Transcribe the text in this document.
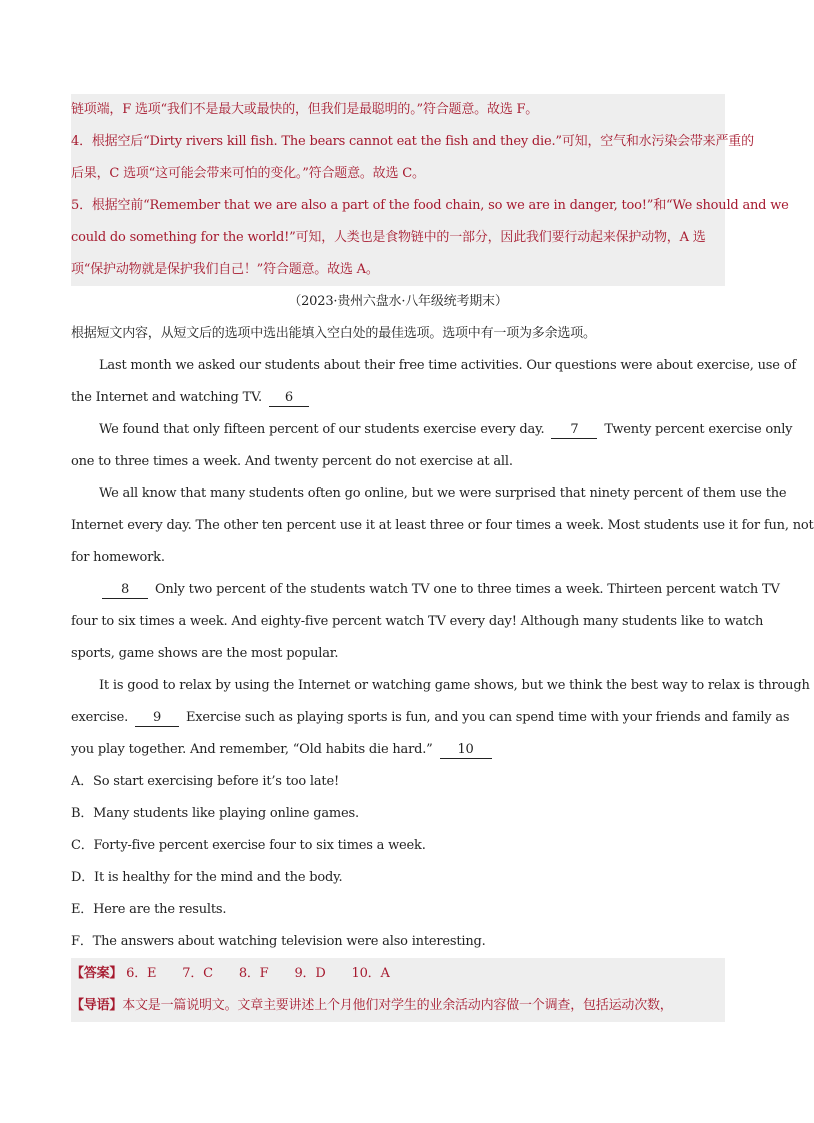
链项端，F 选项“我们不是最大或最快的，但我们是最聪明的。”符合题意。故选 F。
4．根据空后“Dirty rivers kill fish. The bears cannot eat the fish and they die.”可知，空气和水污染会带来严重的
后果，C 选项“这可能会带来可怕的变化。”符合题意。故选 C。
5．根据空前“Remember that we are also a part of the food chain, so we are in danger, too!”和“We should and we
could do something for the world!”可知，人类也是食物链中的一部分，因此我们要行动起来保护动物，A 选
项“保护动物就是保护我们自己！”符合题意。故选 A。
（2023·贵州六盘水·八年级统考期末）
根据短文内容，从短文后的选项中选出能填入空白处的最佳选项。选项中有一项为多余选项。
Last month we asked our students about their free time activities. Our questions were about exercise, use of
the Internet and watching TV. 6
We found that only fifteen percent of our students exercise every day. 7 Twenty percent exercise only
one to three times a week. And twenty percent do not exercise at all.
We all know that many students often go online, but we were surprised that ninety percent of them use the
Internet every day. The other ten percent use it at least three or four times a week. Most students use it for fun, not
for homework.
8 Only two percent of the students watch TV one to three times a week. Thirteen percent watch TV
four to six times a week. And eighty-five percent watch TV every day! Although many students like to watch
sports, game shows are the most popular.
It is good to relax by using the Internet or watching game shows, but we think the best way to relax is through
exercise. 9 Exercise such as playing sports is fun, and you can spend time with your friends and family as
you play together. And remember, “Old habits die hard.” 10
A．So start exercising before it’s too late!
B．Many students like playing online games.
C．Forty-five percent exercise four to six times a week.
D．It is healthy for the mind and the body.
E．Here are the results.
F．The answers about watching television were also interesting.
【答案】 6．E 7．C 8．F 9．D 10．A
【导语】本文是一篇说明文。文章主要讲述上个月他们对学生的业余活动内容做一个调查，包括运动次数，
